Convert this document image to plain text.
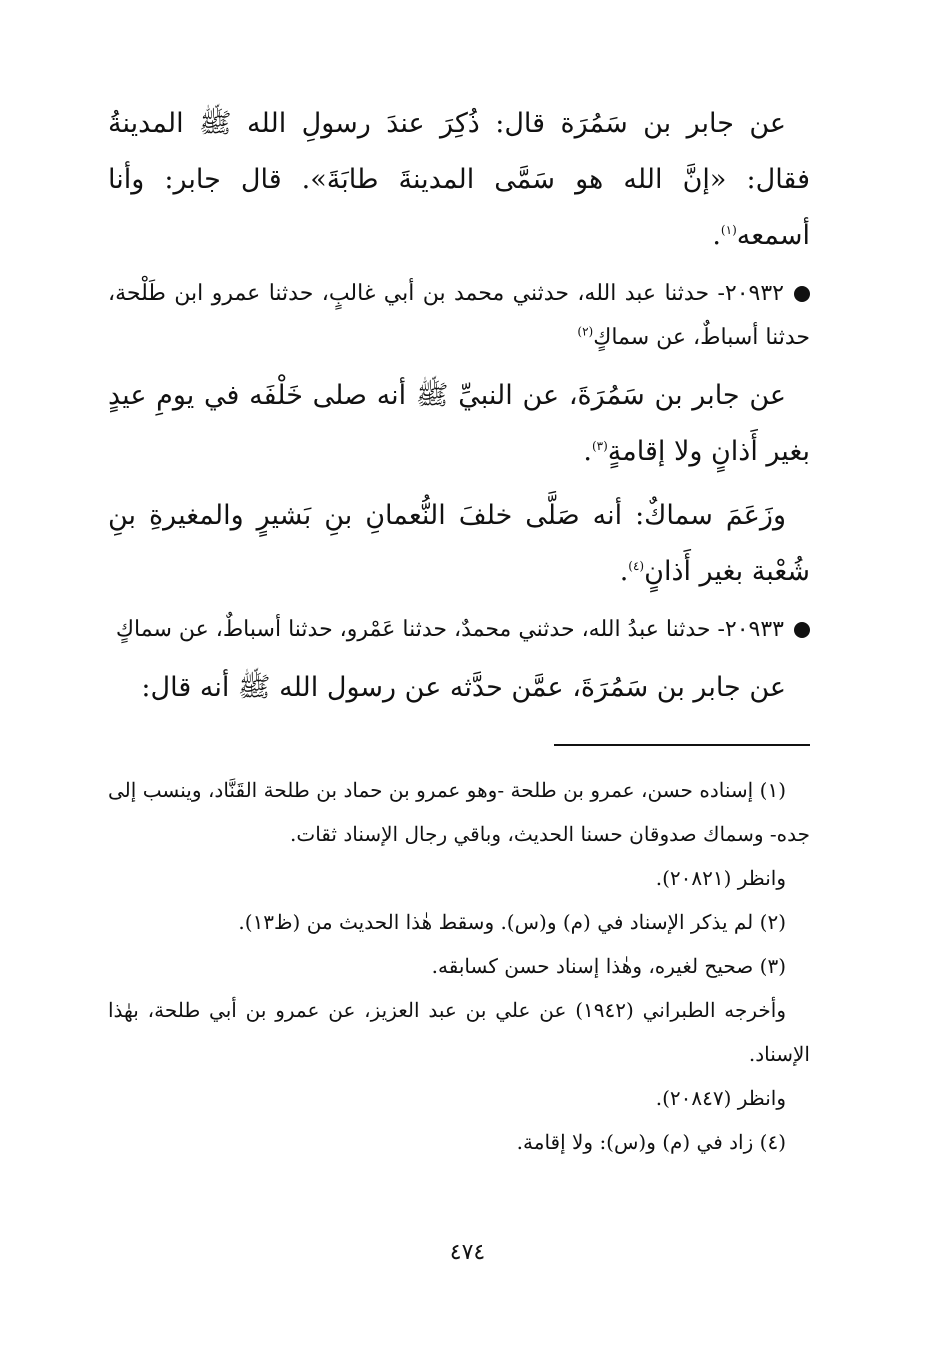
عن جابر بن سَمُرَة قال: ذُكِرَ عندَ رسولِ الله ﷺ المدينةُ فقال: «إنَّ الله هو سَمَّى المدينةَ طابَةَ». قال جابر: وأنا أسمعه$^{(١)}$.

٢٠٩٣٢- حدثنا عبد الله، حدثني محمد بن أبي غالبٍ، حدثنا عمرو ابن طَلْحة، حدثنا أسباطٌ، عن سماكٍ$^{(٢)}$

عن جابر بن سَمُرَةَ، عن النبيِّ ﷺ أنه صلى خَلْفَه في يومِ عيدٍ بغير أَذانٍ ولا إقامةٍ$^{(٣)}$.

وزَعَمَ سماكٌ: أنه صَلَّى خلفَ النُّعمانِ بنِ بَشيرٍ والمغيرةِ بنِ شُعْبة بغير أَذانٍ$^{(٤)}$.

٢٠٩٣٣- حدثنا عبدُ الله، حدثني محمدٌ، حدثنا عَمْرو، حدثنا أسباطٌ، عن سماكٍ

عن جابر بن سَمُرَةَ، عمَّن حدَّثه عن رسول الله ﷺ أنه قال:

(١) إسناده حسن، عمرو بن طلحة -وهو عمرو بن حماد بن طلحة القَنَّاد، وينسب إلى جده- وسماك صدوقان حسنا الحديث، وباقي رجال الإسناد ثقات.

وانظر (٢٠٨٢١).

(٢) لم يذكر الإسناد في (م) و(س). وسقط هٰذا الحديث من (ظ١٣).

(٣) صحيح لغيره، وهٰذا إسناد حسن كسابقه.

وأخرجه الطبراني (١٩٤٢) عن علي بن عبد العزيز، عن عمرو بن أبي طلحة، بهٰذا الإسناد.

وانظر (٢٠٨٤٧).

(٤) زاد في (م) و(س): ولا إقامة.

٤٧٤
